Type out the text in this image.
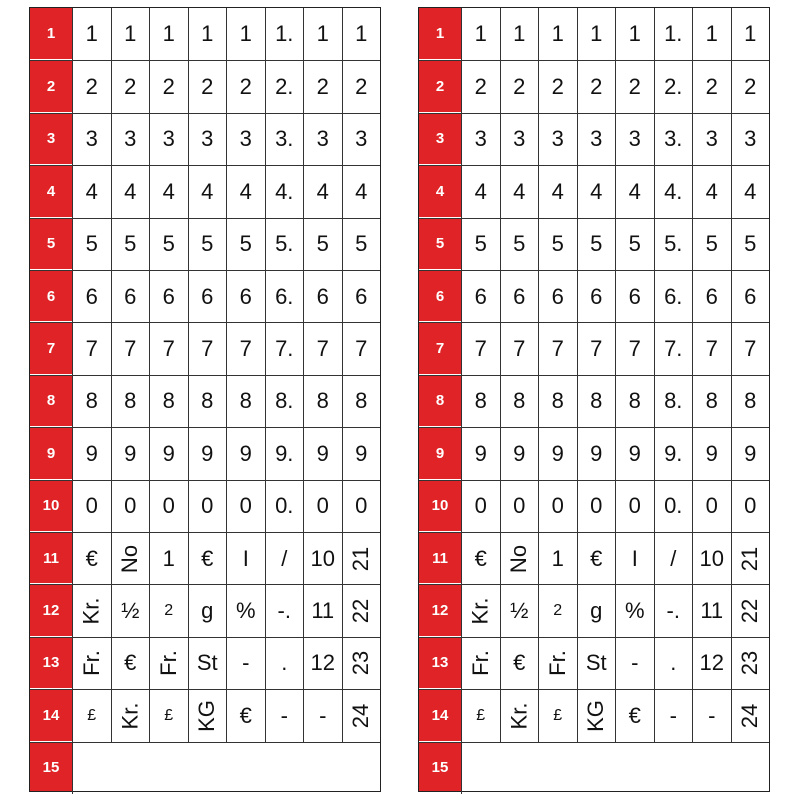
1	1 1 1 1 1 1. 1 1
2	2 2 2 2 2 2. 2 2
3	3 3 3 3 3 3. 3 3
4	4 4 4 4 4 4. 4 4
5	5 5 5 5 5 5. 5 5
6	6 6 6 6 6 6. 6 6
7	7 7 7 7 7 7. 7 7
8	8 8 8 8 8 8. 8 8
9	9 9 9 9 9 9. 9 9
10	0 0 0 0 0 0. 0 0
11	€ No 1 € I / 10 21
12 Kr. ½ 2 g % -. 11 22
13 Fr. € Fr. St - . 12 23
14	£ Kr. £ KG € - - 24
15
1	1 1 1 1 1 1. 1 1
2	2 2 2 2 2 2. 2 2
3	3 3 3 3 3 3. 3 3
4	4 4 4 4 4 4. 4 4
5	5 5 5 5 5 5. 5 5
6	6 6 6 6 6 6. 6 6
7	7 7 7 7 7 7. 7 7
8	8 8 8 8 8 8. 8 8
9	9 9 9 9 9 9. 9 9
10	0 0 0 0 0 0. 0 0
11	€ No 1 € I / 10 21
12 Kr. ½ 2 g % -. 11 22
13 Fr. € Fr. St - . 12 23
14	£ Kr. £ KG € - - 24
15
